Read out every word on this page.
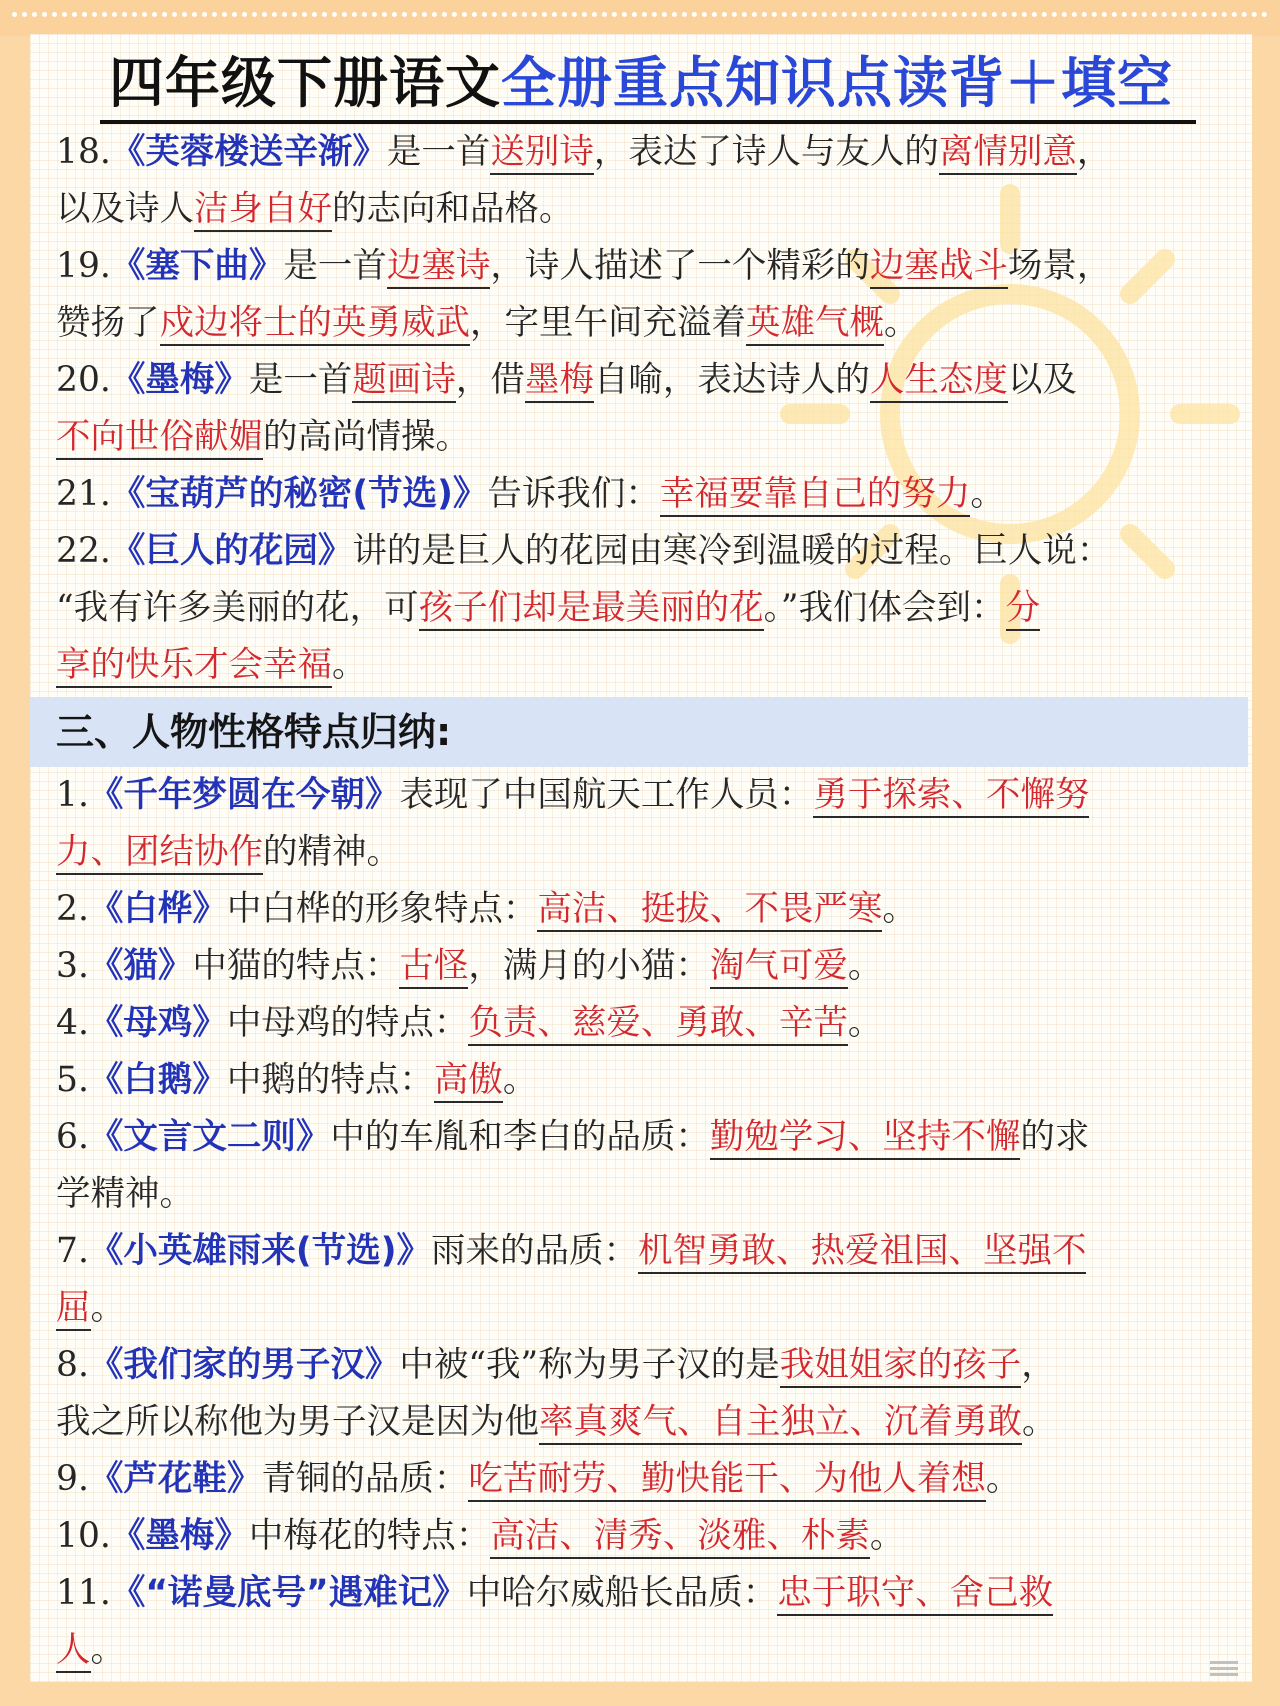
四年级下册语文全册重点知识点读背＋填空
18.《芙蓉楼送辛渐》是一首送别诗，表达了诗人与友人的离情别意，
以及诗人洁身自好的志向和品格。
19.《塞下曲》是一首边塞诗，诗人描述了一个精彩的边塞战斗场景，
赞扬了戍边将士的英勇威武，字里午间充溢着英雄气概。
20.《墨梅》是一首题画诗，借墨梅自喻，表达诗人的人生态度以及
不向世俗献媚的高尚情操。
21.《宝葫芦的秘密(节选)》告诉我们：幸福要靠自己的努力。
22.《巨人的花园》讲的是巨人的花园由寒冷到温暖的过程。巨人说：
“我有许多美丽的花，可孩子们却是最美丽的花。”我们体会到：分
享的快乐才会幸福。
三、人物性格特点归纳:
1.《千年梦圆在今朝》表现了中国航天工作人员：勇于探索、不懈努
力、团结协作的精神。
2.《白桦》中白桦的形象特点：高洁、挺拔、不畏严寒。
3.《猫》中猫的特点：古怪，满月的小猫：淘气可爱。
4.《母鸡》中母鸡的特点：负责、慈爱、勇敢、辛苦。
5.《白鹅》中鹅的特点：高傲。
6.《文言文二则》中的车胤和李白的品质：勤勉学习、坚持不懈的求
学精神。
7.《小英雄雨来(节选)》雨来的品质：机智勇敢、热爱祖国、坚强不
屈。
8.《我们家的男子汉》中被“我”称为男子汉的是我姐姐家的孩子，
我之所以称他为男子汉是因为他率真爽气、自主独立、沉着勇敢。
9.《芦花鞋》青铜的品质：吃苦耐劳、勤快能干、为他人着想。
10.《墨梅》中梅花的特点：高洁、清秀、淡雅、朴素。
11.《“诺曼底号”遇难记》中哈尔威船长品质：忠于职守、舍己救
人。
